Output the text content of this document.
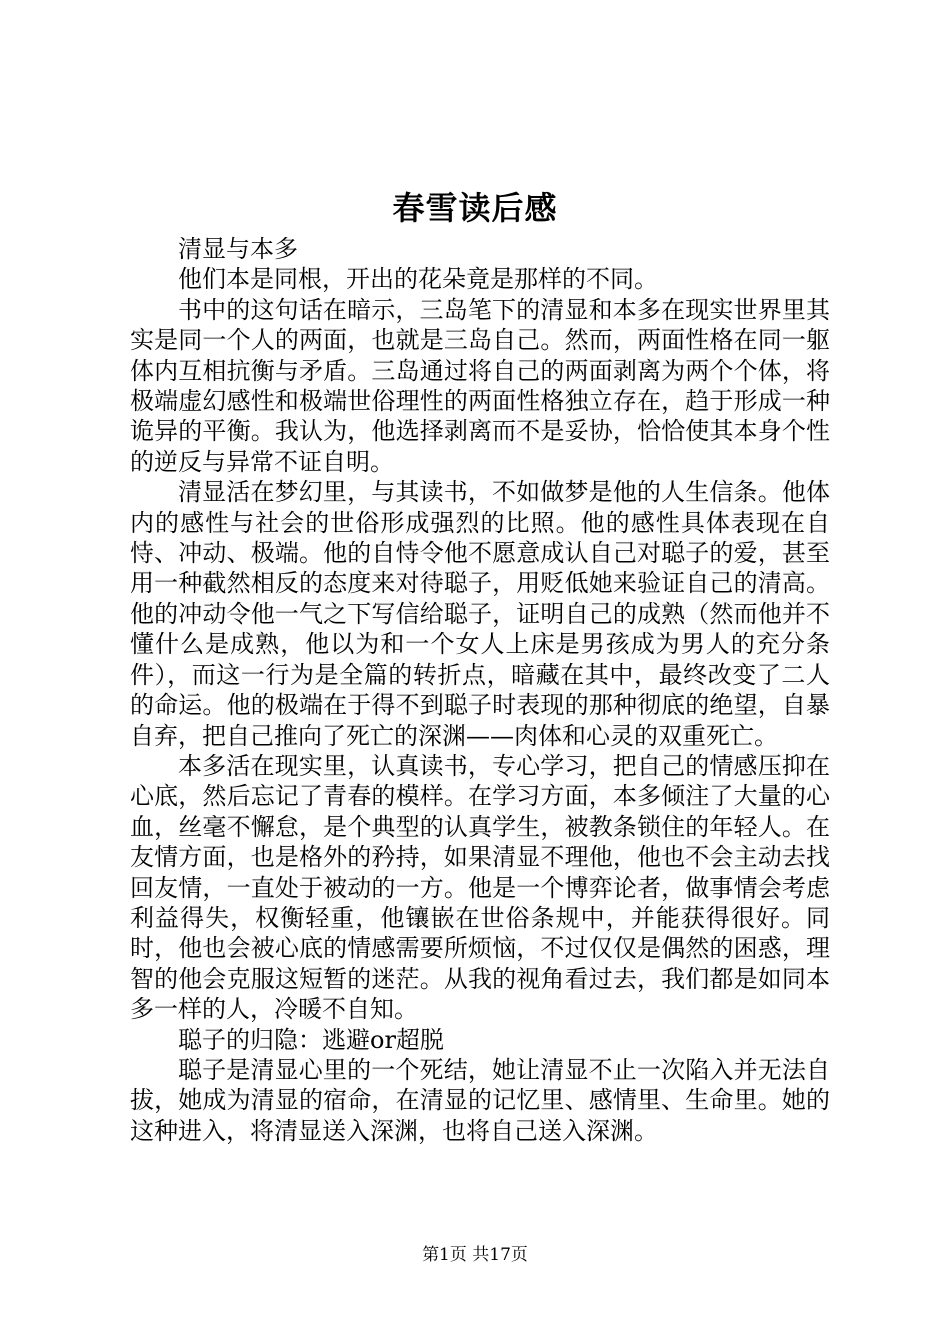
春雪读后感

清显与本多

他们本是同根，开出的花朵竟是那样的不同。

书中的这句话在暗示，三岛笔下的清显和本多在现实世界里其实是同一个人的两面，也就是三岛自己。然而，两面性格在同一躯体内互相抗衡与矛盾。三岛通过将自己的两面剥离为两个个体，将极端虚幻感性和极端世俗理性的两面性格独立存在，趋于形成一种诡异的平衡。我认为，他选择剥离而不是妥协，恰恰使其本身个性的逆反与异常不证自明。

清显活在梦幻里，与其读书，不如做梦是他的人生信条。他体内的感性与社会的世俗形成强烈的比照。他的感性具体表现在自恃、冲动、极端。他的自恃令他不愿意成认自己对聪子的爱，甚至用一种截然相反的态度来对待聪子，用贬低她来验证自己的清高。他的冲动令他一气之下写信给聪子，证明自己的成熟（然而他并不懂什么是成熟，他以为和一个女人上床是男孩成为男人的充分条件），而这一行为是全篇的转折点，暗藏在其中，最终改变了二人的命运。他的极端在于得不到聪子时表现的那种彻底的绝望，自暴自弃，把自己推向了死亡的深渊——肉体和心灵的双重死亡。

本多活在现实里，认真读书，专心学习，把自己的情感压抑在心底，然后忘记了青春的模样。在学习方面，本多倾注了大量的心血，丝毫不懈怠，是个典型的认真学生，被教条锁住的年轻人。在友情方面，也是格外的矜持，如果清显不理他，他也不会主动去找回友情，一直处于被动的一方。他是一个博弈论者，做事情会考虑利益得失，权衡轻重，他镶嵌在世俗条规中，并能获得很好。同时，他也会被心底的情感需要所烦恼，不过仅仅是偶然的困惑，理智的他会克服这短暂的迷茫。从我的视角看过去，我们都是如同本多一样的人，冷暖不自知。

聪子的归隐：逃避or超脱

聪子是清显心里的一个死结，她让清显不止一次陷入并无法自拔，她成为清显的宿命，在清显的记忆里、感情里、生命里。她的这种进入，将清显送入深渊，也将自己送入深渊。

第1页 共17页
